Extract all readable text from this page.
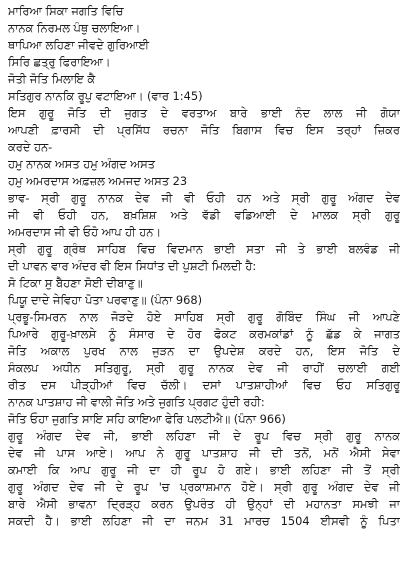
ਮਾਰਿਆ ਸਿਕਾ ਜਗਤਿ ਵਿਚਿ
ਨਾਨਕ ਨਿਰਮਲ ਪੰਥੁ ਚਲਾਇਆ।
ਥਾਪਿਆ ਲਹਿਣਾ ਜੀਵਦੇ ਗੁਰਿਆਈ
ਸਿਰਿ ਛਤ੍ਰੁ ਫਿਰਾਇਆ।
ਜੋਤੀ ਜੋਤਿ ਮਿਲਾਇ ਕੈ
ਸਤਿਗੁਰ ਨਾਨਕਿ ਰੂਪੁ ਵਟਾਇਆ। (ਵਾਰ 1:45)
ਇਸ ਗੁਰੂ ਜੋਤਿ ਦੀ ਜੁਗਤ ਦੇ ਵਰਤਾਅ ਬਾਰੇ ਭਾਈ ਨੰਦ ਲਾਲ ਜੀ ਗੋਯਾ
ਆਪਣੀ ਫ਼ਾਰਸੀ ਦੀ ਪ੍ਰਸਿੱਧ ਰਚਨਾ ਜੋਤਿ ਬਿਗਾਸ ਵਿਚ ਇਸ ਤਰ੍ਹਾਂ ਜ਼ਿਕਰ
ਕਰਦੇ ਹਨ-
ਹਮੁ ਨਾਨਕ ਅਸਤ ਹਮੁ ਅੰਗਦ ਅਸਤ
ਹਮੁ ਅਮਰਦਾਸ ਅਫ਼ਜ਼ਲ ਅਮਜਦ ਅਸਤ 23
ਭਾਵ- ਸ੍ਰੀ ਗੁਰੂ ਨਾਨਕ ਦੇਵ ਜੀ ਵੀ ਓਹੀ ਹਨ ਅਤੇ ਸ੍ਰੀ ਗੁਰੂ ਅੰਗਦ ਦੇਵ
ਜੀ ਵੀ ਓਹੀ ਹਨ, ਬਖ਼ਸ਼ਿਸ਼ ਅਤੇ ਵੱਡੀ ਵਡਿਆਈ ਦੇ ਮਾਲਕ ਸ੍ਰੀ ਗੁਰੂ
ਅਮਰਦਾਸ ਜੀ ਵੀ ਓਹੋ ਆਪ ਹੀ ਹਨ।
ਸ੍ਰੀ ਗੁਰੂ ਗ੍ਰੰਥ ਸਾਹਿਬ ਵਿਚ ਵਿਦਮਾਨ ਭਾਈ ਸਤਾ ਜੀ ਤੇ ਭਾਈ ਬਲਵੰਡ ਜੀ
ਦੀ ਪਾਵਨ ਵਾਰ ਅੰਦਰ ਵੀ ਇਸ ਸਿਧਾਂਤ ਦੀ ਪੁਸ਼ਟੀ ਮਿਲਦੀ ਹੈ:
ਸੋ ਟਿਕਾ ਸੁ ਬੈਹਣਾ ਸੋਈ ਦੀਬਾਣੁ॥
ਪਿਯੂ ਦਾਦੇ ਜੇਵਿਹਾ ਪੋਤਾ ਪਰਵਾਣੁ॥ (ਪੰਨਾ 968)
ਪ੍ਰਭੂ-ਸਿਮਰਨ ਨਾਲ ਜੋੜਦੇ ਹੋਏ ਸਾਹਿਬ ਸ੍ਰੀ ਗੁਰੂ ਗੋਬਿੰਦ ਸਿੰਘ ਜੀ ਆਪਣੇ
ਪਿਆਰੇ ਗੁਰੂ-ਖ਼ਾਲਸੇ ਨੂੰ ਸੰਸਾਰ ਦੇ ਹੋਰ ਫੋਕਟ ਕਰਮਕਾਂਡਾਂ ਨੂੰ ਛੱਡ ਕੇ ਜਾਗਤ
ਜੋਤਿ ਅਕਾਲ ਪੁਰਖ ਨਾਲ ਜੁੜਨ ਦਾ ਉਪਦੇਸ਼ ਕਰਦੇ ਹਨ, ਇਸ ਜੋਤਿ ਦੇ
ਸੰਕਲਪ ਅਧੀਨ ਸਤਿਗੁਰੂ, ਸ੍ਰੀ ਗੁਰੂ ਨਾਨਕ ਦੇਵ ਜੀ ਰਾਹੀਂ ਚਲਾਈ ਗਈ
ਰੀਤ ਦਸ ਪੀੜ੍ਹੀਆਂ ਵਿਚ ਚੱਲੀ। ਦਸਾਂ ਪਾਤਸ਼ਾਹੀਆਂ ਵਿਚ ਓਹ ਸਤਿਗੁਰੂ
ਨਾਨਕ ਪਾਤਸ਼ਾਹ ਜੀ ਵਾਲੀ ਜੋਤਿ ਅਤੇ ਜੁਗਤਿ ਪ੍ਰਗਟ ਹੁੰਦੀ ਰਹੀ:
ਜੋਤਿ ਓਹਾ ਜੁਗਤਿ ਸਾਇ ਸਹਿ ਕਾਇਆ ਫੇਰਿ ਪਲਟੀਐ॥ (ਪੰਨਾ 966)
ਗੁਰੂ ਅੰਗਦ ਦੇਵ ਜੀ, ਭਾਈ ਲਹਿਣਾ ਜੀ ਦੇ ਰੂਪ ਵਿਚ ਸ੍ਰੀ ਗੁਰੂ ਨਾਨਕ
ਦੇਵ ਜੀ ਪਾਸ ਆਏ। ਆਪ ਨੇ ਗੁਰੂ ਪਾਤਸ਼ਾਹ ਜੀ ਦੀ ਤਨੋਂ, ਮਨੋਂ ਐਸੀ ਸੇਵਾ
ਕਮਾਈ ਕਿ ਆਪ ਗੁਰੂ ਜੀ ਦਾ ਹੀ ਰੂਪ ਹੋ ਗਏ। ਭਾਈ ਲਹਿਣਾ ਜੀ ਤੋਂ ਸ੍ਰੀ
ਗੁਰੂ ਅੰਗਦ ਦੇਵ ਜੀ ਦੇ ਰੂਪ 'ਚ ਪ੍ਰਕਾਸ਼ਮਾਨ ਹੋਏ। ਸ੍ਰੀ ਗੁਰੂ ਅੰਗਦ ਦੇਵ ਜੀ
ਬਾਰੇ ਐਸੀ ਭਾਵਨਾ ਦ੍ਰਿੜ੍ਹ ਕਰਨ ਉਪਰੰਤ ਹੀ ਉਨ੍ਹਾਂ ਦੀ ਮਹਾਨਤਾ ਸਮਝੀ ਜਾ
ਸਕਦੀ ਹੈ। ਭਾਈ ਲਹਿਣਾ ਜੀ ਦਾ ਜਨਮ 31 ਮਾਰਚ 1504 ਈਸਵੀ ਨੂੰ ਪਿਤਾ
